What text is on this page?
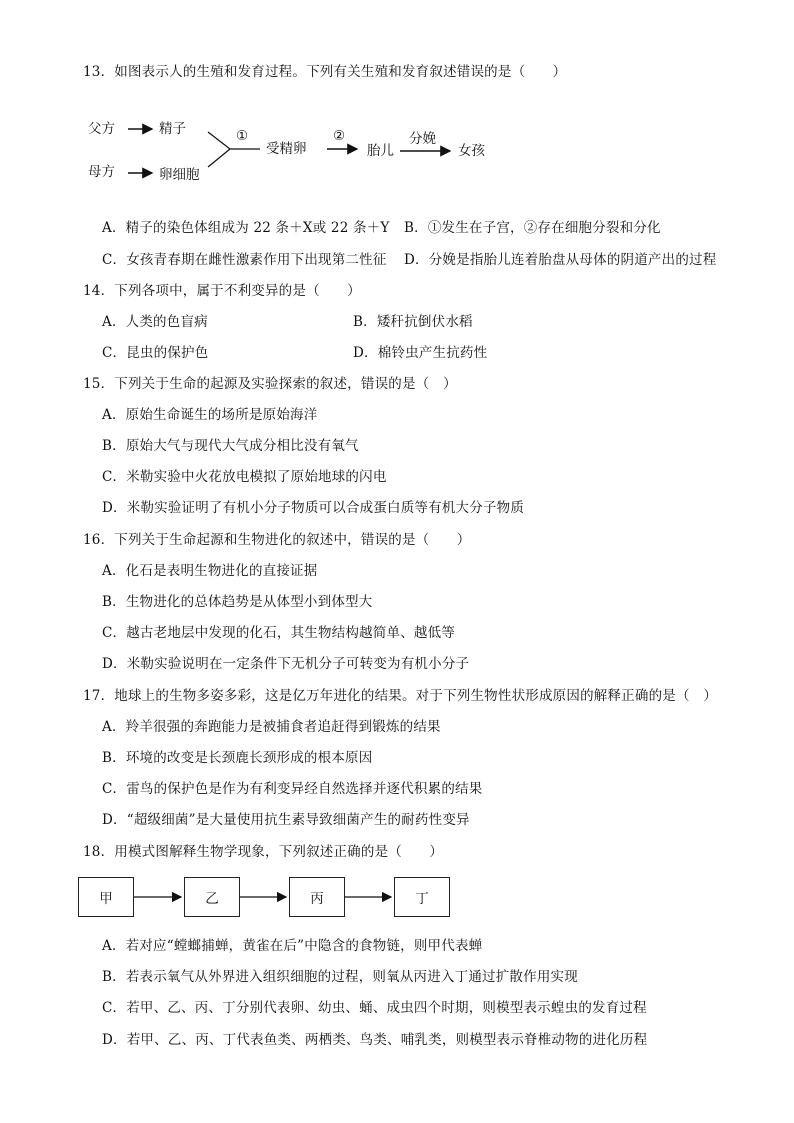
13．如图表示人的生殖和发育过程。下列有关生殖和发育叙述错误的是（　　）
父方	精子
母方	卵细胞
①
受精卵
②
胎儿
分娩
女孩
A．精子的染色体组成为 22 条＋X或 22 条＋Y B．①发生在子宫，②存在细胞分裂和分化
C．女孩青春期在雌性激素作用下出现第二性征 D．分娩是指胎儿连着胎盘从母体的阴道产出的过程
14．下列各项中，属于不利变异的是（　　）
A．人类的色盲病	B．矮秆抗倒伏水稻
C．昆虫的保护色	D．棉铃虫产生抗药性
15．下列关于生命的起源及实验探索的叙述，错误的是（　）
A．原始生命诞生的场所是原始海洋
B．原始大气与现代大气成分相比没有氧气
C．米勒实验中火花放电模拟了原始地球的闪电
D．米勒实验证明了有机小分子物质可以合成蛋白质等有机大分子物质
16．下列关于生命起源和生物进化的叙述中，错误的是（　　）
A．化石是表明生物进化的直接证据
B．生物进化的总体趋势是从体型小到体型大
C．越古老地层中发现的化石，其生物结构越简单、越低等
D．米勒实验说明在一定条件下无机分子可转变为有机小分子
17．地球上的生物多姿多彩，这是亿万年进化的结果。对于下列生物性状形成原因的解释正确的是（　）
A．羚羊很强的奔跑能力是被捕食者追赶得到锻炼的结果
B．环境的改变是长颈鹿长颈形成的根本原因
C．雷鸟的保护色是作为有利变异经自然选择并逐代积累的结果
D．“超级细菌”是大量使用抗生素导致细菌产生的耐药性变异
18．用模式图解释生物学现象，下列叙述正确的是（　　）
甲	乙	丙	丁
A．若对应“螳螂捕蝉，黄雀在后”中隐含的食物链，则甲代表蝉
B．若表示氧气从外界进入组织细胞的过程，则氧从丙进入丁通过扩散作用实现
C．若甲、乙、丙、丁分别代表卵、幼虫、蛹、成虫四个时期，则模型表示蝗虫的发育过程
D．若甲、乙、丙、丁代表鱼类、两栖类、鸟类、哺乳类，则模型表示脊椎动物的进化历程
